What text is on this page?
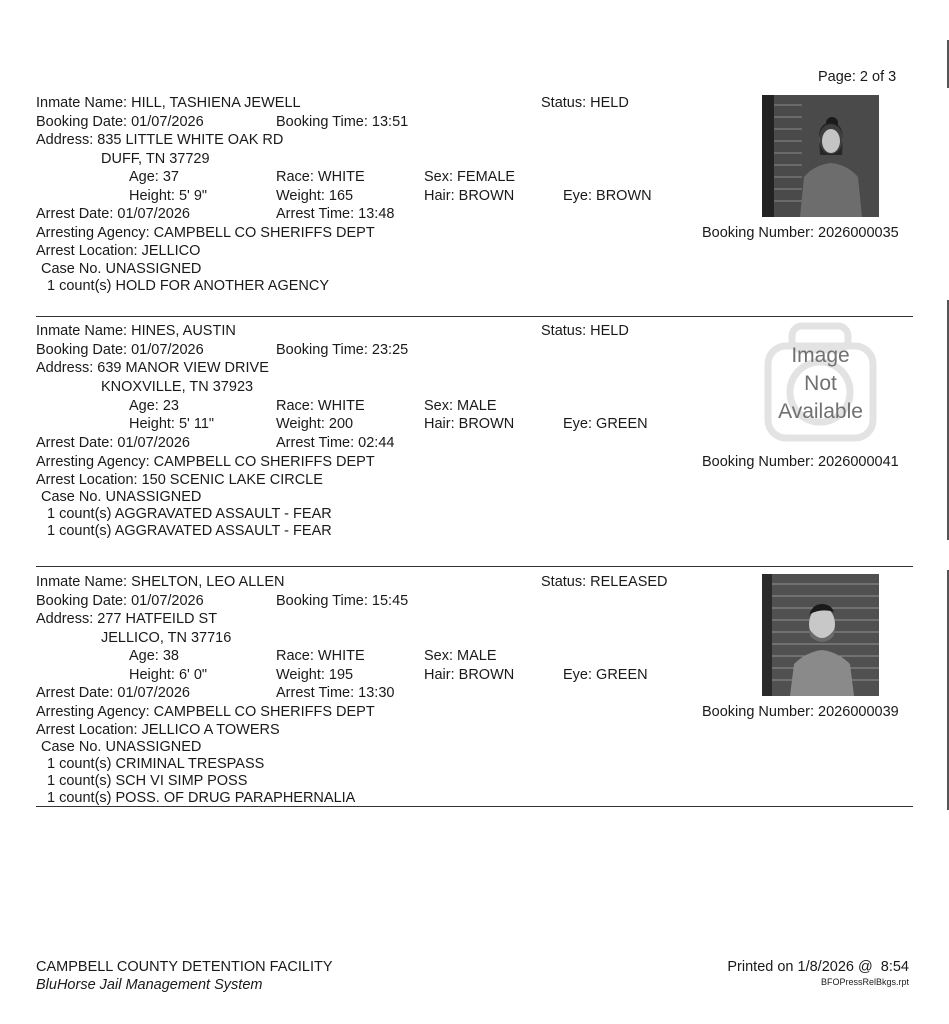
Page: 2 of 3
Inmate Name: HILL, TASHIENA JEWELL	Status: HELD
Booking Date: 01/07/2026	Booking Time: 13:51
Address: 835 LITTLE WHITE OAK RD
DUFF, TN 37729
Age: 37	Race: WHITE	Sex: FEMALE
Height: 5' 9"	Weight: 165	Hair: BROWN	Eye: BROWN
Arrest Date: 01/07/2026	Arrest Time: 13:48
Arresting Agency: CAMPBELL CO SHERIFFS DEPT	Booking Number: 2026000035
Arrest Location: JELLICO
Case No. UNASSIGNED
1 count(s) HOLD FOR ANOTHER AGENCY
Inmate Name: HINES, AUSTIN	Status: HELD
Booking Date: 01/07/2026	Booking Time: 23:25
Address: 639 MANOR VIEW DRIVE
KNOXVILLE, TN 37923
Age: 23	Race: WHITE	Sex: MALE
Height: 5' 11"	Weight: 200	Hair: BROWN	Eye: GREEN
Arrest Date: 01/07/2026	Arrest Time: 02:44
Arresting Agency: CAMPBELL CO SHERIFFS DEPT	Booking Number: 2026000041
Arrest Location: 150 SCENIC LAKE CIRCLE
Case No. UNASSIGNED
1 count(s) AGGRAVATED ASSAULT - FEAR
1 count(s) AGGRAVATED ASSAULT - FEAR
Image
Not
Available
Inmate Name: SHELTON, LEO ALLEN	Status: RELEASED
Booking Date: 01/07/2026	Booking Time: 15:45
Address: 277 HATFEILD ST
JELLICO, TN 37716
Age: 38	Race: WHITE	Sex: MALE
Height: 6' 0"	Weight: 195	Hair: BROWN	Eye: GREEN
Arrest Date: 01/07/2026	Arrest Time: 13:30
Arresting Agency: CAMPBELL CO SHERIFFS DEPT	Booking Number: 2026000039
Arrest Location: JELLICO A TOWERS
Case No. UNASSIGNED
1 count(s) CRIMINAL TRESPASS
1 count(s) SCH VI SIMP POSS
1 count(s) POSS. OF DRUG PARAPHERNALIA
CAMPBELL COUNTY DETENTION FACILITY
BluHorse Jail Management System
Printed on 1/8/2026 @  8:54
BFOPressRelBkgs.rpt
